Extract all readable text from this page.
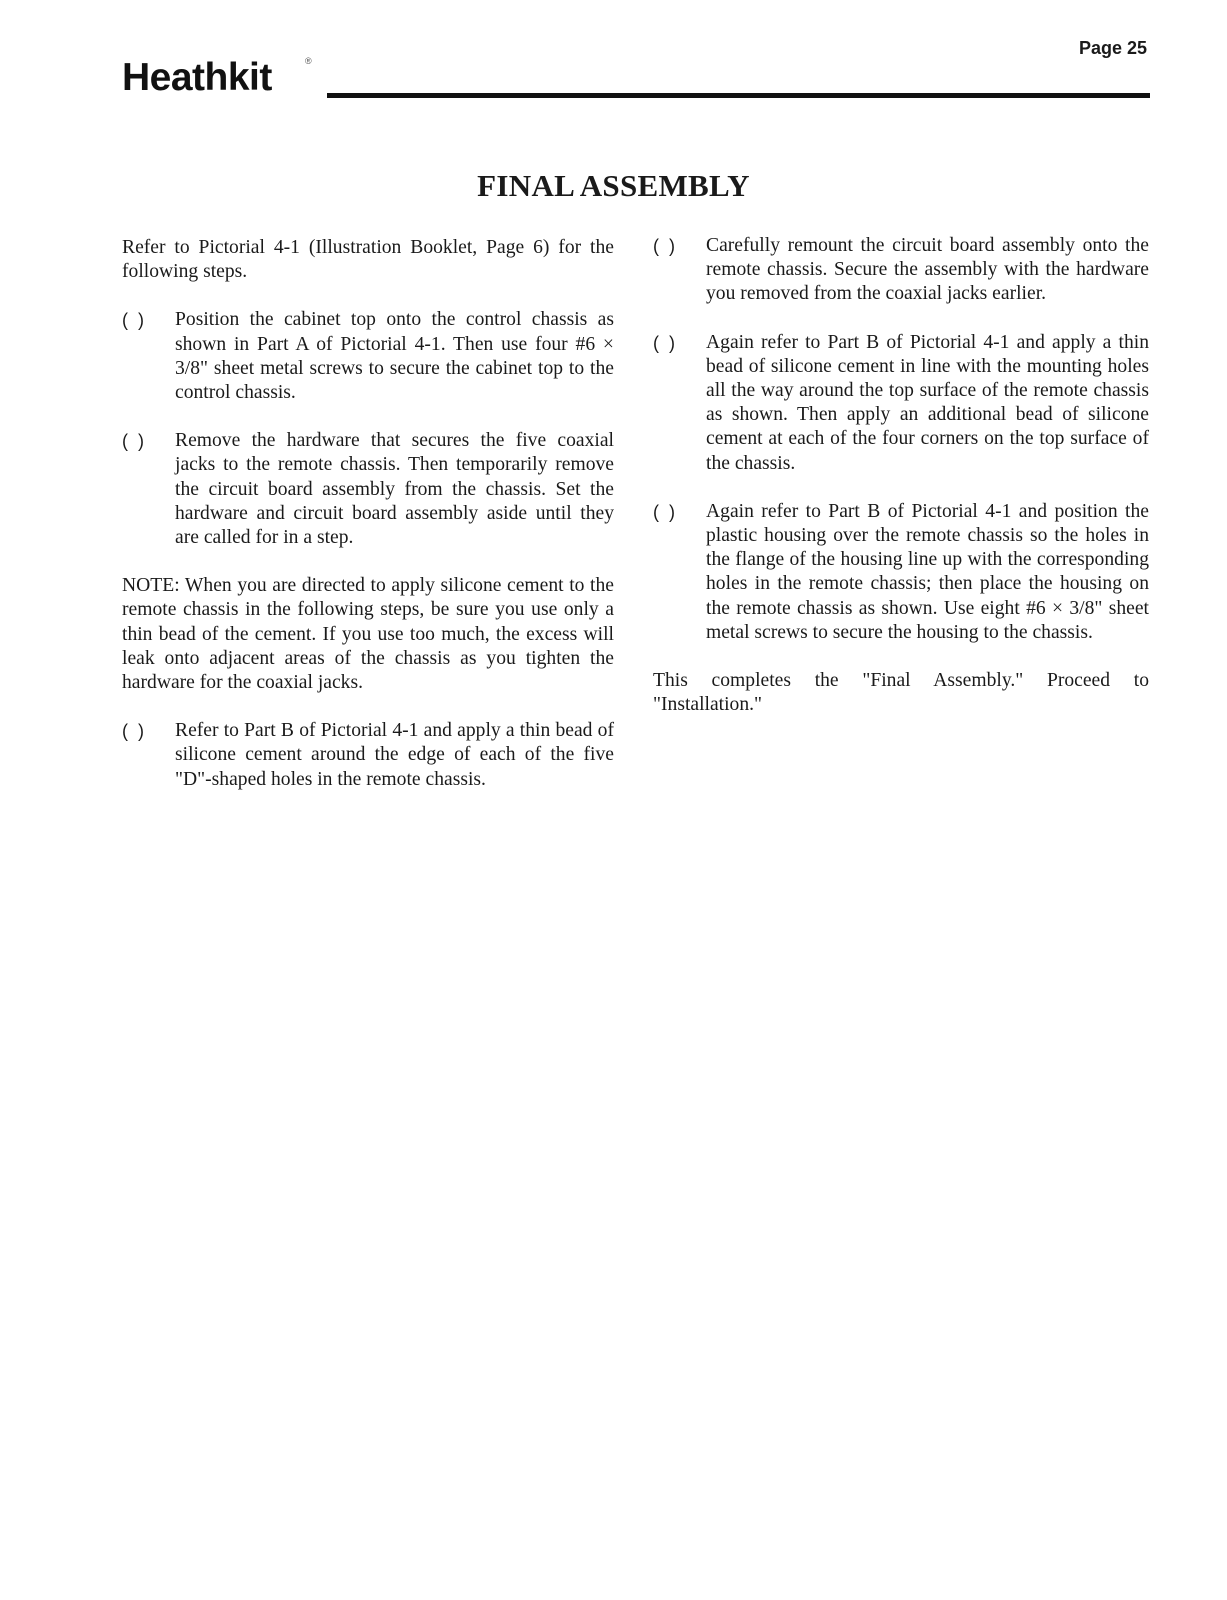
Page 25
Heathkit	®
FINAL ASSEMBLY

Refer to Pictorial 4-1 (Illustration Booklet, Page 6) for the following steps.

(  )	Position the cabinet top onto the control chassis as shown in Part A of Pictorial 4-1. Then use four #6 × 3/8" sheet metal screws to secure the cabinet top to the control chassis.

(  )	Remove the hardware that secures the five coaxial jacks to the remote chassis. Then temporarily remove the circuit board assembly from the chassis. Set the hardware and circuit board assembly aside until they are called for in a step.

NOTE: When you are directed to apply silicone cement to the remote chassis in the following steps, be sure you use only a thin bead of the cement. If you use too much, the excess will leak onto adjacent areas of the chassis as you tighten the hardware for the coaxial jacks.

(  )	Refer to Part B of Pictorial 4-1 and apply a thin bead of silicone cement around the edge of each of the five "D"-shaped holes in the remote chassis.

(  )	Carefully remount the circuit board assembly onto the remote chassis. Secure the assembly with the hardware you removed from the coaxial jacks earlier.

(  )	Again refer to Part B of Pictorial 4-1 and apply a thin bead of silicone cement in line with the mounting holes all the way around the top surface of the remote chassis as shown. Then apply an additional bead of silicone cement at each of the four corners on the top surface of the chassis.

(  )	Again refer to Part B of Pictorial 4-1 and position the plastic housing over the remote chassis so the holes in the flange of the housing line up with the corresponding holes in the remote chassis; then place the housing on the remote chassis as shown. Use eight #6 × 3/8" sheet metal screws to secure the housing to the chassis.

This completes the "Final Assembly." Proceed to "Installation."
